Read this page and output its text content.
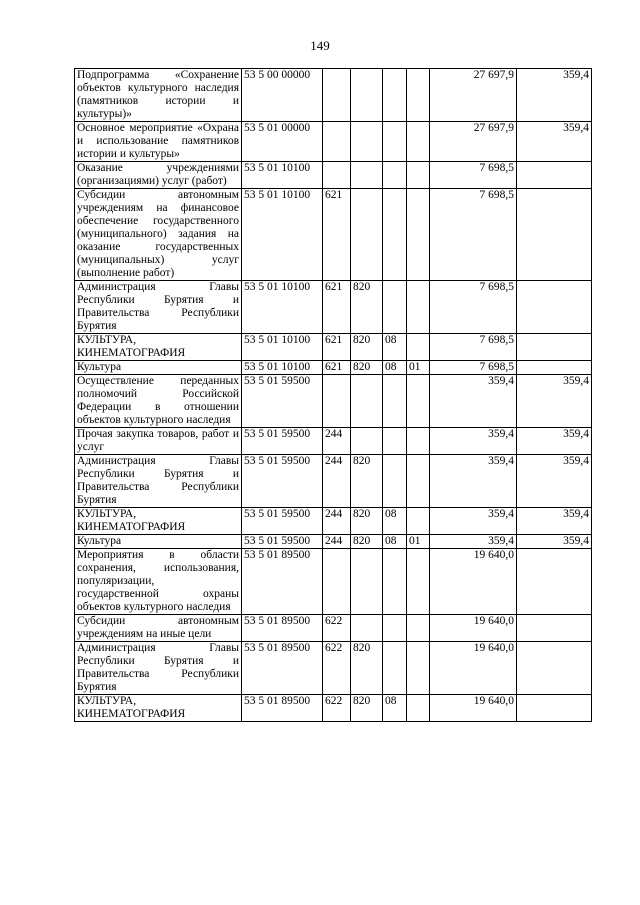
149
Подпрограмма «Сохранение объектов культурного наследия (памятников истории и культуры)»	53 5 00 00000					27 697,9	359,4
Основное мероприятие «Охрана и использование памятников истории и культуры»	53 5 01 00000					27 697,9	359,4
Оказание учреждениями (организациями) услуг (работ)	53 5 01 10100					7 698,5	
Субсидии автономным учреждениям на финансовое обеспечение государственного (муниципального) задания на оказание государственных (муниципальных) услуг (выполнение работ)	53 5 01 10100	621				7 698,5	
Администрация Главы Республики Бурятия и Правительства Республики Бурятия	53 5 01 10100	621	820			7 698,5	
КУЛЬТУРА, КИНЕМАТОГРАФИЯ	53 5 01 10100	621	820	08		7 698,5	
Культура	53 5 01 10100	621	820	08	01	7 698,5	
Осуществление переданных полномочий Российской Федерации в отношении объектов культурного наследия	53 5 01 59500					359,4	359,4
Прочая закупка товаров, работ и услуг	53 5 01 59500	244				359,4	359,4
Администрация Главы Республики Бурятия и Правительства Республики Бурятия	53 5 01 59500	244	820			359,4	359,4
КУЛЬТУРА, КИНЕМАТОГРАФИЯ	53 5 01 59500	244	820	08		359,4	359,4
Культура	53 5 01 59500	244	820	08	01	359,4	359,4
Мероприятия в области сохранения, использования, популяризации, государственной охраны объектов культурного наследия	53 5 01 89500					19 640,0	
Субсидии автономным учреждениям на иные цели	53 5 01 89500	622				19 640,0	
Администрация Главы Республики Бурятия и Правительства Республики Бурятия	53 5 01 89500	622	820			19 640,0	
КУЛЬТУРА, КИНЕМАТОГРАФИЯ	53 5 01 89500	622	820	08		19 640,0	
